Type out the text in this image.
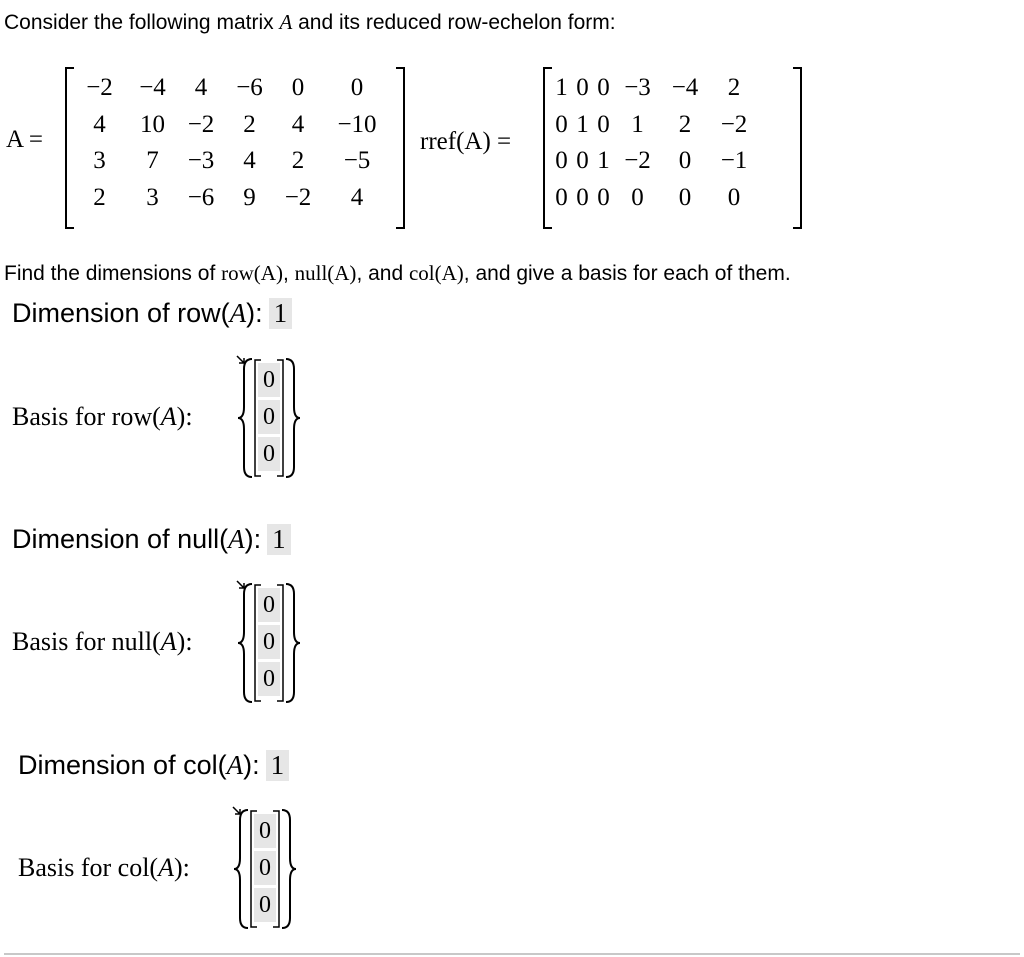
Consider the following matrix A and its reduced row-echelon form:
A =
−2	−4	4	−6	0	0
4	10 −2	2	4	−10
3	7	−3	4	2	−5
2	3	−6	9	−2	4
rref(A) =
1 0 0 −3 −4	2
0 1 0 1	2	−2
0 0 1 −2	0	−1
0 0 0 0	0	0
Find the dimensions of row(A), null(A), and col(A), and give a basis for each of them.
Dimension of row(A): 1
Basis for row(A):
0
0
0
Dimension of null(A): 1
Basis for null(A):
0
0
0
Dimension of col(A): 1
Basis for col(A):
0
0
0
